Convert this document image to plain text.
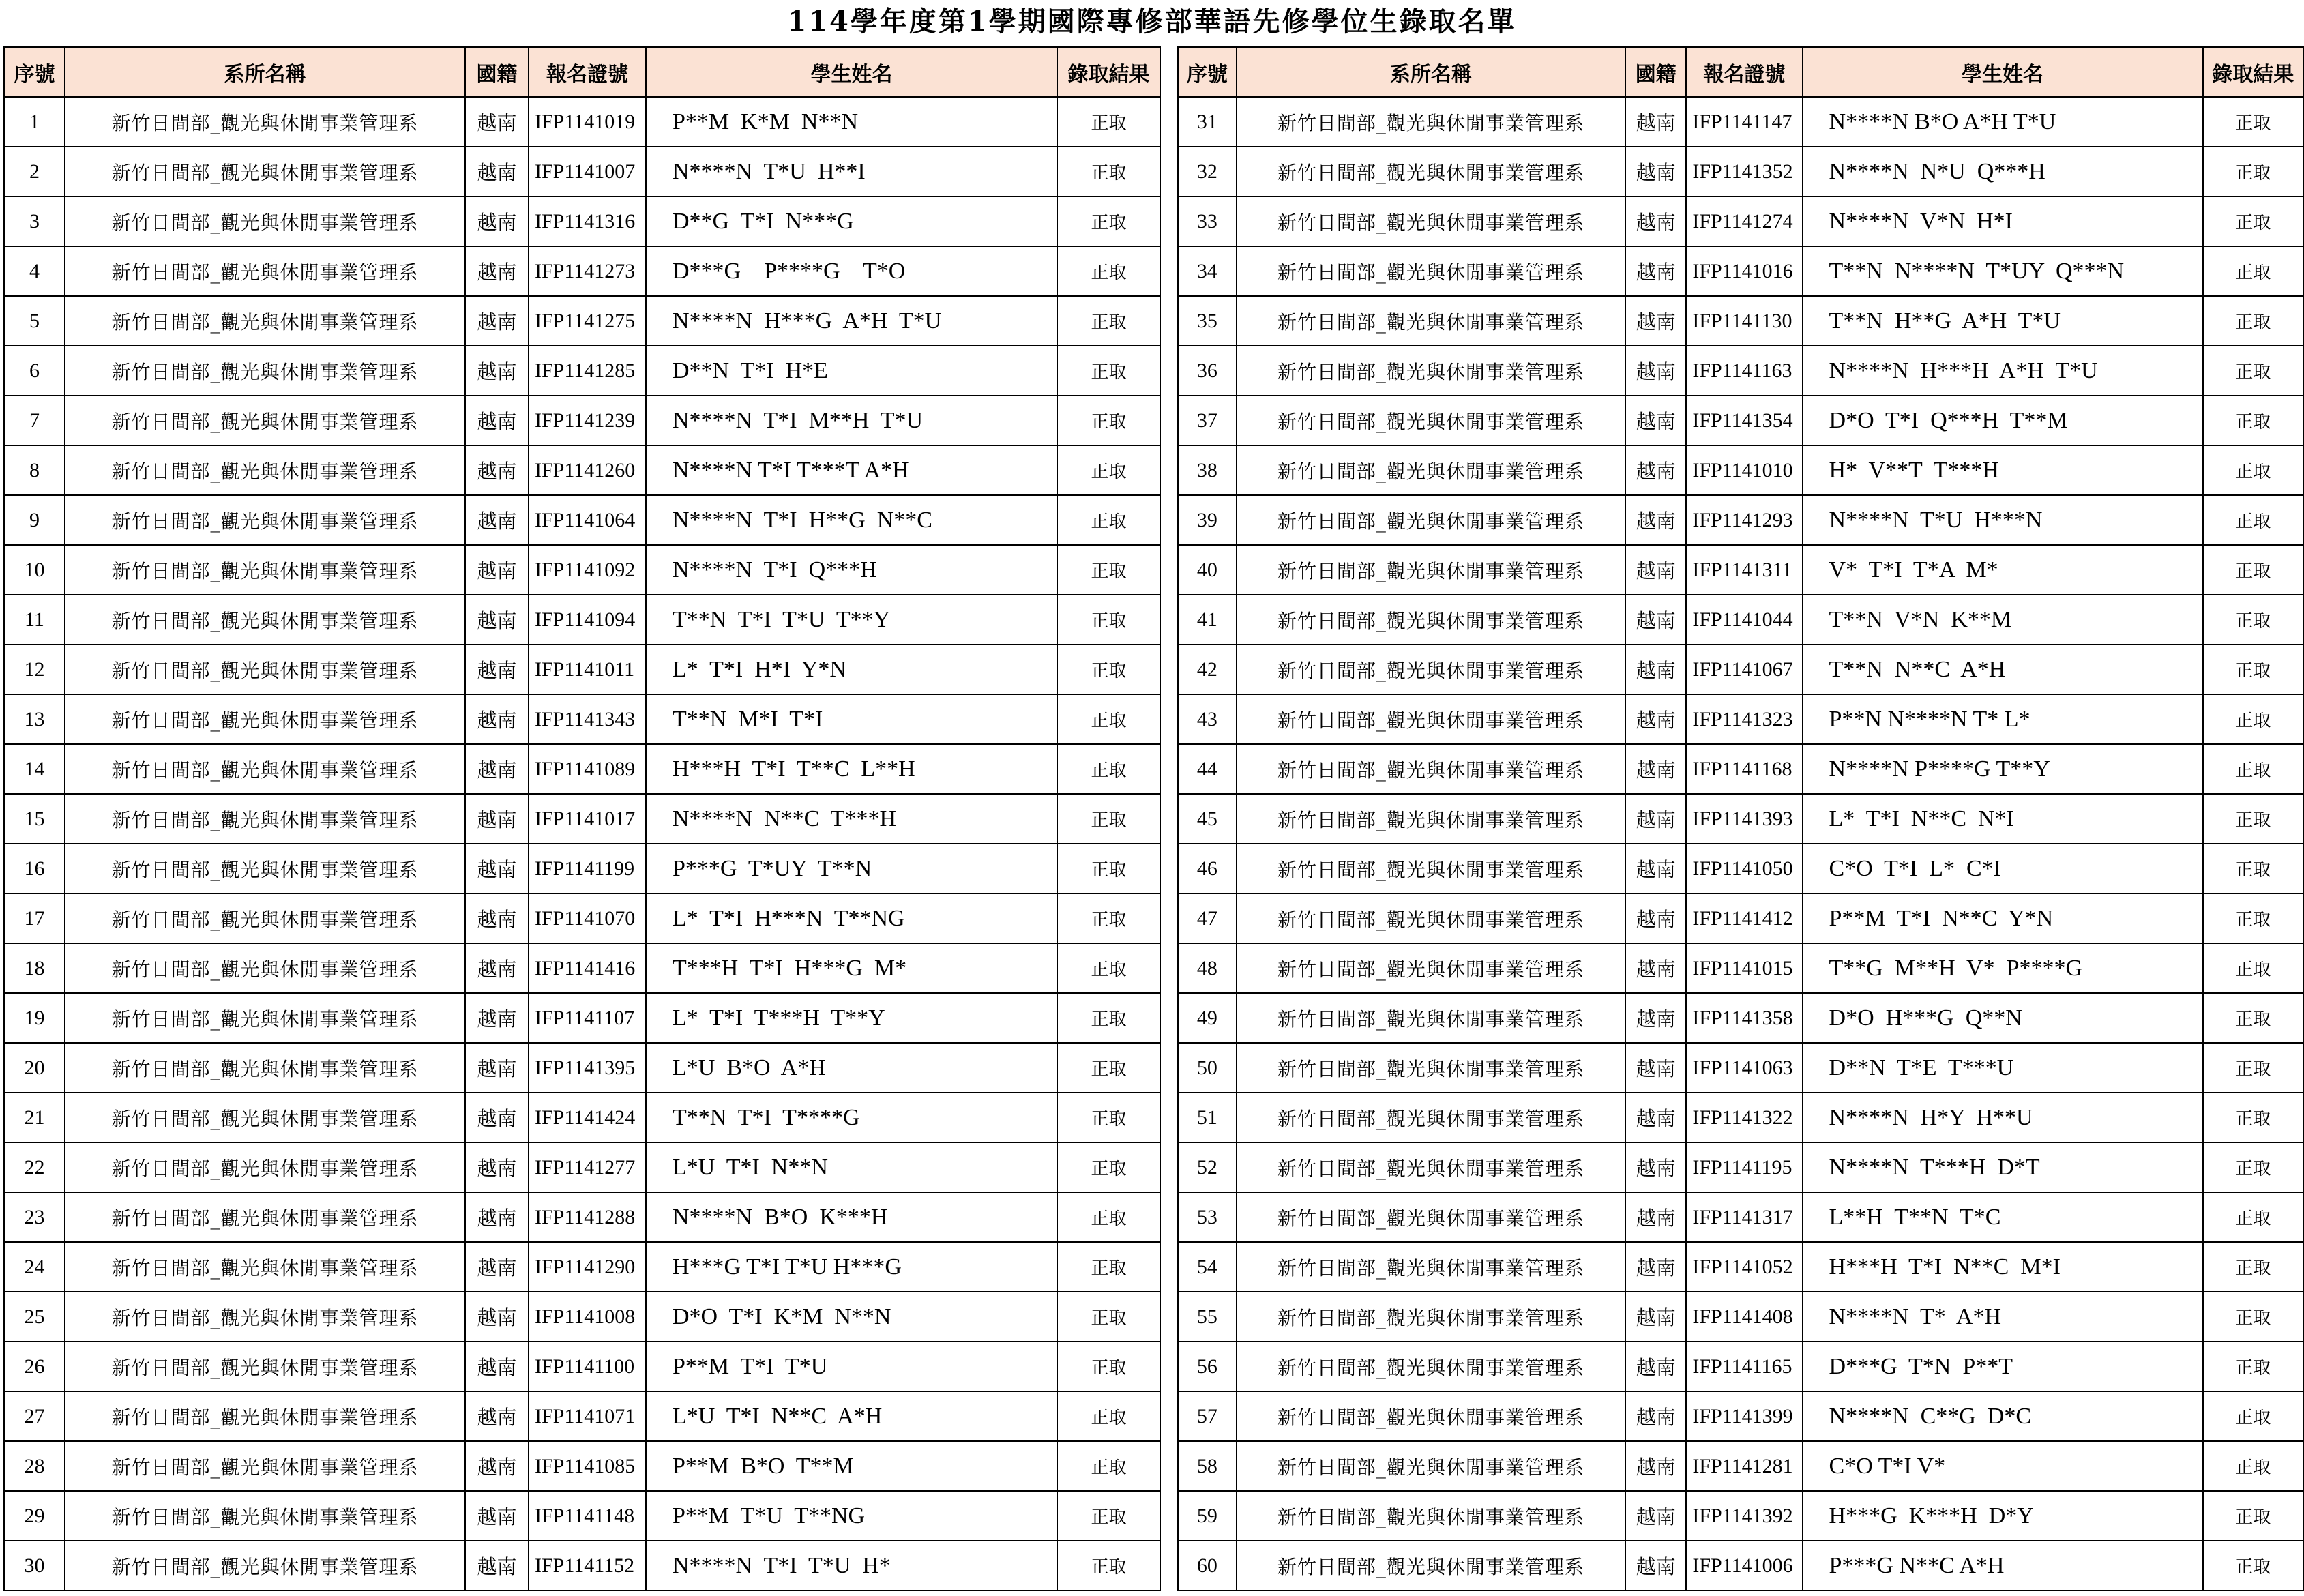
114學年度第1學期國際專修部華語先修學位生錄取名單
序號	系所名稱	國籍	報名證號	學生姓名	錄取結果
1	新竹日間部_觀光與休閒事業管理系	越南	IFP1141019	P**M  K*M  N**N	正取
2	新竹日間部_觀光與休閒事業管理系	越南	IFP1141007	N****N  T*U  H**I	正取
3	新竹日間部_觀光與休閒事業管理系	越南	IFP1141316	D**G  T*I  N***G	正取
4	新竹日間部_觀光與休閒事業管理系	越南	IFP1141273	D***G    P****G    T*O	正取
5	新竹日間部_觀光與休閒事業管理系	越南	IFP1141275	N****N  H***G  A*H  T*U	正取
6	新竹日間部_觀光與休閒事業管理系	越南	IFP1141285	D**N  T*I  H*E	正取
7	新竹日間部_觀光與休閒事業管理系	越南	IFP1141239	N****N  T*I  M**H  T*U	正取
8	新竹日間部_觀光與休閒事業管理系	越南	IFP1141260	N****N T*I T***T A*H	正取
9	新竹日間部_觀光與休閒事業管理系	越南	IFP1141064	N****N  T*I  H**G  N**C	正取
10	新竹日間部_觀光與休閒事業管理系	越南	IFP1141092	N****N  T*I  Q***H	正取
11	新竹日間部_觀光與休閒事業管理系	越南	IFP1141094	T**N  T*I  T*U  T**Y	正取
12	新竹日間部_觀光與休閒事業管理系	越南	IFP1141011	L*  T*I  H*I  Y*N	正取
13	新竹日間部_觀光與休閒事業管理系	越南	IFP1141343	T**N  M*I  T*I	正取
14	新竹日間部_觀光與休閒事業管理系	越南	IFP1141089	H***H  T*I  T**C  L**H	正取
15	新竹日間部_觀光與休閒事業管理系	越南	IFP1141017	N****N  N**C  T***H	正取
16	新竹日間部_觀光與休閒事業管理系	越南	IFP1141199	P***G  T*UY  T**N	正取
17	新竹日間部_觀光與休閒事業管理系	越南	IFP1141070	L*  T*I  H***N  T**NG	正取
18	新竹日間部_觀光與休閒事業管理系	越南	IFP1141416	T***H  T*I  H***G  M*	正取
19	新竹日間部_觀光與休閒事業管理系	越南	IFP1141107	L*  T*I  T***H  T**Y	正取
20	新竹日間部_觀光與休閒事業管理系	越南	IFP1141395	L*U  B*O  A*H	正取
21	新竹日間部_觀光與休閒事業管理系	越南	IFP1141424	T**N  T*I  T****G	正取
22	新竹日間部_觀光與休閒事業管理系	越南	IFP1141277	L*U  T*I  N**N	正取
23	新竹日間部_觀光與休閒事業管理系	越南	IFP1141288	N****N  B*O  K***H	正取
24	新竹日間部_觀光與休閒事業管理系	越南	IFP1141290	H***G T*I T*U H***G	正取
25	新竹日間部_觀光與休閒事業管理系	越南	IFP1141008	D*O  T*I  K*M  N**N	正取
26	新竹日間部_觀光與休閒事業管理系	越南	IFP1141100	P**M  T*I  T*U	正取
27	新竹日間部_觀光與休閒事業管理系	越南	IFP1141071	L*U  T*I  N**C  A*H	正取
28	新竹日間部_觀光與休閒事業管理系	越南	IFP1141085	P**M  B*O  T**M	正取
29	新竹日間部_觀光與休閒事業管理系	越南	IFP1141148	P**M  T*U  T**NG	正取
30	新竹日間部_觀光與休閒事業管理系	越南	IFP1141152	N****N  T*I  T*U  H*	正取
序號	系所名稱	國籍	報名證號	學生姓名	錄取結果
31	新竹日間部_觀光與休閒事業管理系	越南	IFP1141147	N****N B*O A*H T*U	正取
32	新竹日間部_觀光與休閒事業管理系	越南	IFP1141352	N****N  N*U  Q***H	正取
33	新竹日間部_觀光與休閒事業管理系	越南	IFP1141274	N****N  V*N  H*I	正取
34	新竹日間部_觀光與休閒事業管理系	越南	IFP1141016	T**N  N****N  T*UY  Q***N	正取
35	新竹日間部_觀光與休閒事業管理系	越南	IFP1141130	T**N  H**G  A*H  T*U	正取
36	新竹日間部_觀光與休閒事業管理系	越南	IFP1141163	N****N  H***H  A*H  T*U	正取
37	新竹日間部_觀光與休閒事業管理系	越南	IFP1141354	D*O  T*I  Q***H  T**M	正取
38	新竹日間部_觀光與休閒事業管理系	越南	IFP1141010	H*  V**T  T***H	正取
39	新竹日間部_觀光與休閒事業管理系	越南	IFP1141293	N****N  T*U  H***N	正取
40	新竹日間部_觀光與休閒事業管理系	越南	IFP1141311	V*  T*I  T*A  M*	正取
41	新竹日間部_觀光與休閒事業管理系	越南	IFP1141044	T**N  V*N  K**M	正取
42	新竹日間部_觀光與休閒事業管理系	越南	IFP1141067	T**N  N**C  A*H	正取
43	新竹日間部_觀光與休閒事業管理系	越南	IFP1141323	P**N N****N T* L*	正取
44	新竹日間部_觀光與休閒事業管理系	越南	IFP1141168	N****N P****G T**Y	正取
45	新竹日間部_觀光與休閒事業管理系	越南	IFP1141393	L*  T*I  N**C  N*I	正取
46	新竹日間部_觀光與休閒事業管理系	越南	IFP1141050	C*O  T*I  L*  C*I	正取
47	新竹日間部_觀光與休閒事業管理系	越南	IFP1141412	P**M  T*I  N**C  Y*N	正取
48	新竹日間部_觀光與休閒事業管理系	越南	IFP1141015	T**G  M**H  V*  P****G	正取
49	新竹日間部_觀光與休閒事業管理系	越南	IFP1141358	D*O  H***G  Q**N	正取
50	新竹日間部_觀光與休閒事業管理系	越南	IFP1141063	D**N  T*E  T***U	正取
51	新竹日間部_觀光與休閒事業管理系	越南	IFP1141322	N****N  H*Y  H**U	正取
52	新竹日間部_觀光與休閒事業管理系	越南	IFP1141195	N****N  T***H  D*T	正取
53	新竹日間部_觀光與休閒事業管理系	越南	IFP1141317	L**H  T**N  T*C	正取
54	新竹日間部_觀光與休閒事業管理系	越南	IFP1141052	H***H  T*I  N**C  M*I	正取
55	新竹日間部_觀光與休閒事業管理系	越南	IFP1141408	N****N  T*  A*H	正取
56	新竹日間部_觀光與休閒事業管理系	越南	IFP1141165	D***G  T*N  P**T	正取
57	新竹日間部_觀光與休閒事業管理系	越南	IFP1141399	N****N  C**G  D*C	正取
58	新竹日間部_觀光與休閒事業管理系	越南	IFP1141281	C*O T*I V*	正取
59	新竹日間部_觀光與休閒事業管理系	越南	IFP1141392	H***G  K***H  D*Y	正取
60	新竹日間部_觀光與休閒事業管理系	越南	IFP1141006	P***G N**C A*H	正取
